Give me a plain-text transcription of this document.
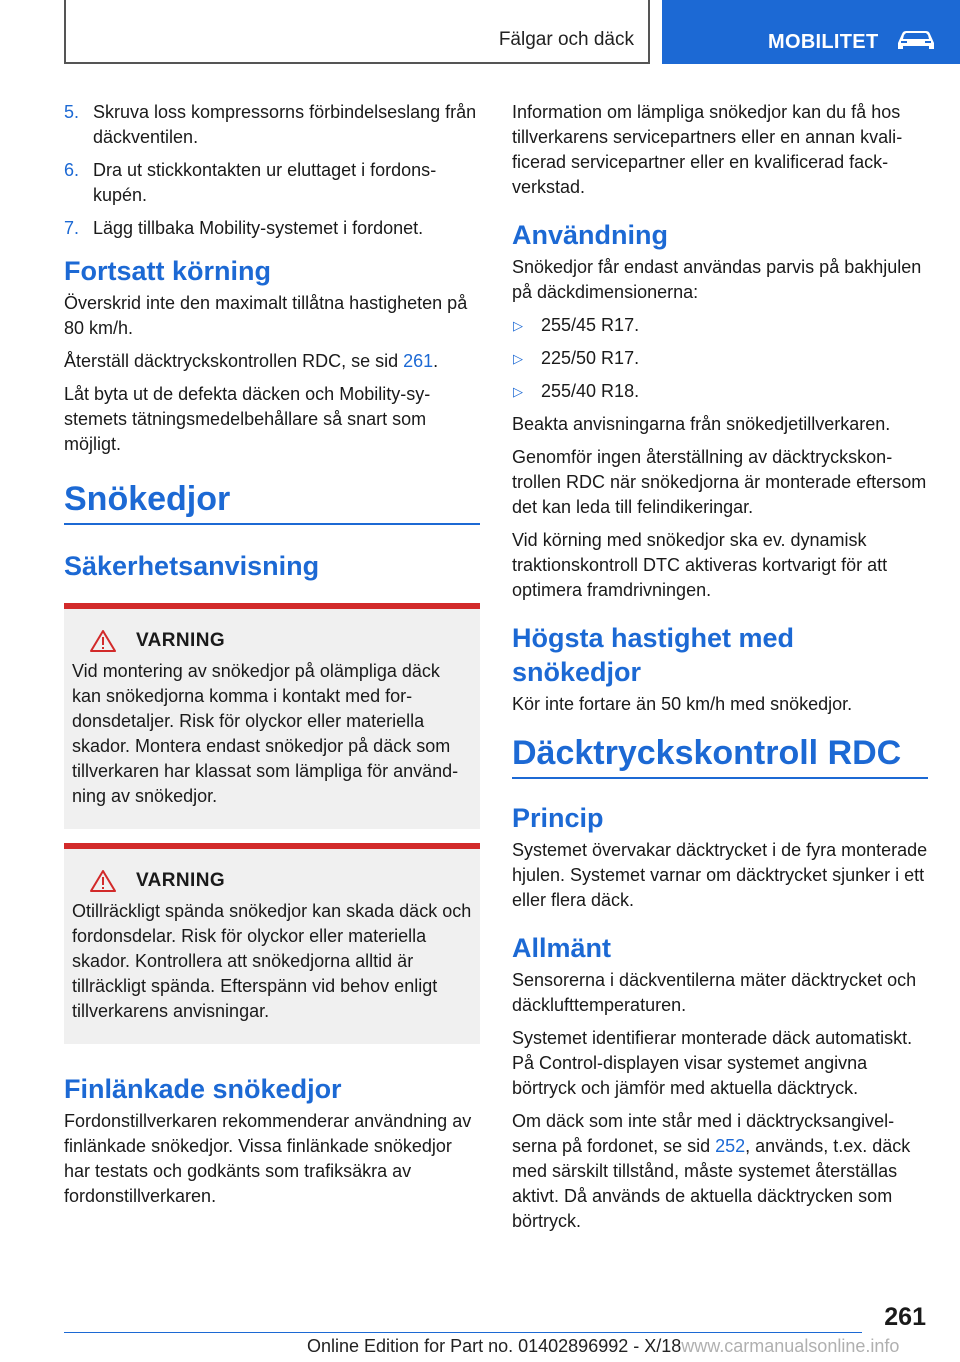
Fälgar och däck	MOBILITET
5. Skruva loss kompressorns förbindelseslang från däckventilen.
6. Dra ut stickkontakten ur eluttaget i fordonskupén.
7. Lägg tillbaka Mobility-systemet i fordonet.
Fortsatt körning

Överskrid inte den maximalt tillåtna hastigheten på 80 km/h.

Återställ däcktryckskontrollen RDC, se sid 261.

Låt byta ut de defekta däcken och Mobility-systemets tätningsmedelbehållare så snart som möjligt.

Snökedjor
Säkerhetsanvisning
VARNING

Vid montering av snökedjor på olämpliga däck kan snökedjorna komma i kontakt med fordonsdetaljer. Risk för olyckor eller materiella skador. Montera endast snökedjor på däck som tillverkaren har klassat som lämpliga för användning av snökedjor.

VARNING

Otillräckligt spända snökedjor kan skada däck och fordonsdelar. Risk för olyckor eller materiella skador. Kontrollera att snökedjorna alltid är tillräckligt spända. Efterspänn vid behov enligt tillverkarens anvisningar.

Finlänkade snökedjor

Fordonstillverkaren rekommenderar användning av finlänkade snökedjor. Vissa finlänkade snökedjor har testats och godkänts som trafiksäkra av fordonstillverkaren.

Information om lämpliga snökedjor kan du få hos tillverkarens servicepartners eller en annan kvalificerad servicepartner eller en kvalificerad fackverkstad.

Användning

Snökedjor får endast användas parvis på bakhjulen på däckdimensionerna:

▷ 255/45 R17.
▷ 225/50 R17.
▷ 255/40 R18.

Beakta anvisningarna från snökedjetillverkaren.

Genomför ingen återställning av däcktryckskontrollen RDC när snökedjorna är monterade eftersom det kan leda till felindikeringar.

Vid körning med snökedjor ska ev. dynamisk traktionskontroll DTC aktiveras kortvarigt för att optimera framdrivningen.

Högsta hastighet med snökedjor

Kör inte fortare än 50 km/h med snökedjor.

Däcktryckskontroll RDC
Princip

Systemet övervakar däcktrycket i de fyra monterade hjulen. Systemet varnar om däcktrycket sjunker i ett eller flera däck.

Allmänt

Sensorerna i däckventilerna mäter däcktrycket och däcklufttemperaturen.

Systemet identifierar monterade däck automatiskt. På Control-displayen visar systemet angivna börtryck och jämför med aktuella däcktryck.

Om däck som inte står med i däcktrycksangivelserna på fordonet, se sid 252, används, t.ex. däck med särskilt tillstånd, måste systemet återställas aktivt. Då används de aktuella däcktrycken som börtryck.

261
Online Edition for Part no. 01402896992 - X/18www.carmanualsonline.info
